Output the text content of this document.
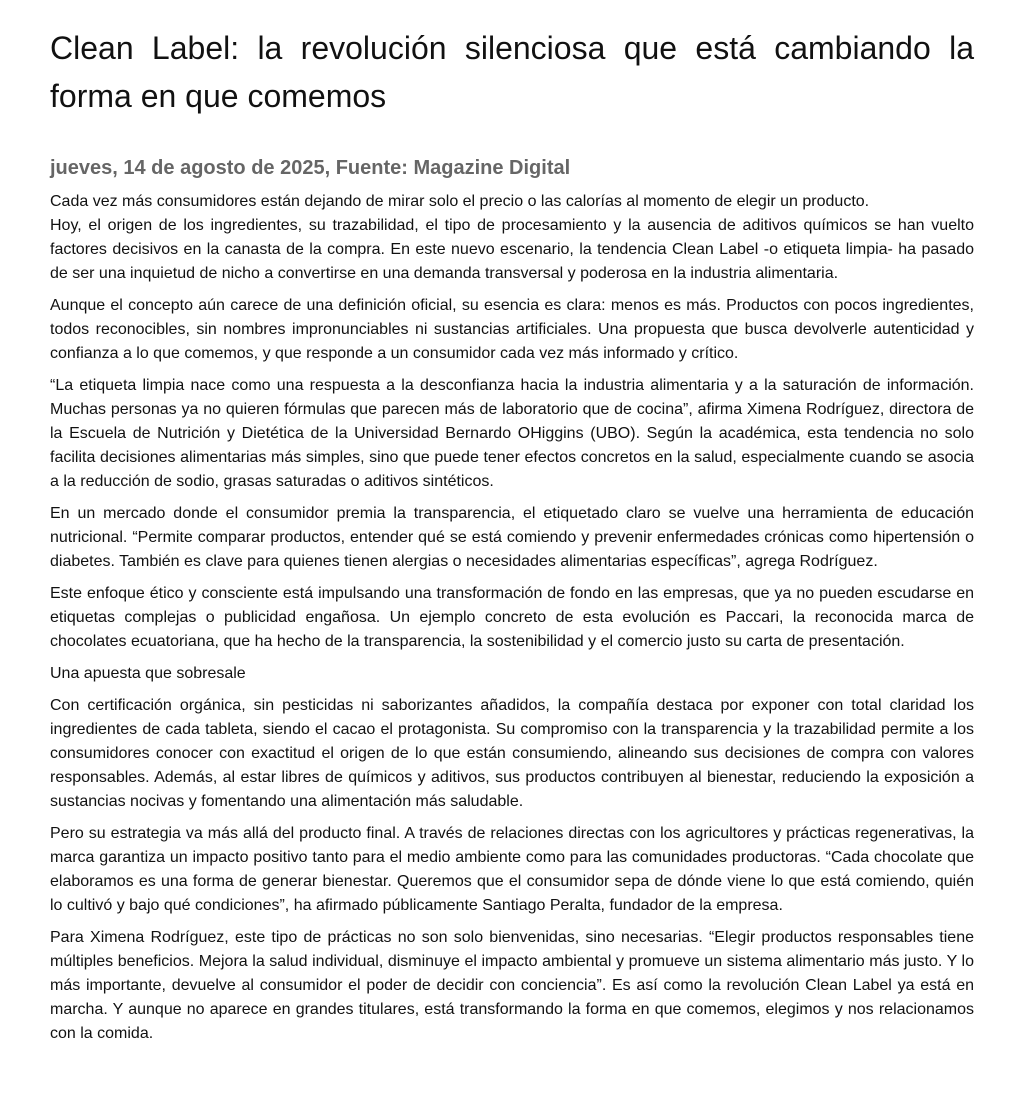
Clean Label: la revolución silenciosa que está cambiando la forma en que comemos
jueves, 14 de agosto de 2025, Fuente: Magazine Digital

Cada vez más consumidores están dejando de mirar solo el precio o las calorías al momento de elegir un producto.
Hoy, el origen de los ingredientes, su trazabilidad, el tipo de procesamiento y la ausencia de aditivos químicos se han vuelto factores decisivos en la canasta de la compra. En este nuevo escenario, la tendencia Clean Label -o etiqueta limpia- ha pasado de ser una inquietud de nicho a convertirse en una demanda transversal y poderosa en la industria alimentaria.

Aunque el concepto aún carece de una definición oficial, su esencia es clara: menos es más. Productos con pocos ingredientes, todos reconocibles, sin nombres impronunciables ni sustancias artificiales. Una propuesta que busca devolverle autenticidad y confianza a lo que comemos, y que responde a un consumidor cada vez más informado y crítico.

“La etiqueta limpia nace como una respuesta a la desconfianza hacia la industria alimentaria y a la saturación de información. Muchas personas ya no quieren fórmulas que parecen más de laboratorio que de cocina”, afirma Ximena Rodríguez, directora de la Escuela de Nutrición y Dietética de la Universidad Bernardo OHiggins (UBO). Según la académica, esta tendencia no solo facilita decisiones alimentarias más simples, sino que puede tener efectos concretos en la salud, especialmente cuando se asocia a la reducción de sodio, grasas saturadas o aditivos sintéticos.

En un mercado donde el consumidor premia la transparencia, el etiquetado claro se vuelve una herramienta de educación nutricional. “Permite comparar productos, entender qué se está comiendo y prevenir enfermedades crónicas como hipertensión o diabetes. También es clave para quienes tienen alergias o necesidades alimentarias específicas”, agrega Rodríguez.

Este enfoque ético y consciente está impulsando una transformación de fondo en las empresas, que ya no pueden escudarse en etiquetas complejas o publicidad engañosa. Un ejemplo concreto de esta evolución es Paccari, la reconocida marca de chocolates ecuatoriana, que ha hecho de la transparencia, la sostenibilidad y el comercio justo su carta de presentación.

Una apuesta que sobresale

Con certificación orgánica, sin pesticidas ni saborizantes añadidos, la compañía destaca por exponer con total claridad los ingredientes de cada tableta, siendo el cacao el protagonista. Su compromiso con la transparencia y la trazabilidad permite a los consumidores conocer con exactitud el origen de lo que están consumiendo, alineando sus decisiones de compra con valores responsables. Además, al estar libres de químicos y aditivos, sus productos contribuyen al bienestar, reduciendo la exposición a sustancias nocivas y fomentando una alimentación más saludable.

Pero su estrategia va más allá del producto final. A través de relaciones directas con los agricultores y prácticas regenerativas, la marca garantiza un impacto positivo tanto para el medio ambiente como para las comunidades productoras. “Cada chocolate que elaboramos es una forma de generar bienestar. Queremos que el consumidor sepa de dónde viene lo que está comiendo, quién lo cultivó y bajo qué condiciones”, ha afirmado públicamente Santiago Peralta, fundador de la empresa.

Para Ximena Rodríguez, este tipo de prácticas no son solo bienvenidas, sino necesarias. “Elegir productos responsables tiene múltiples beneficios. Mejora la salud individual, disminuye el impacto ambiental y promueve un sistema alimentario más justo. Y lo más importante, devuelve al consumidor el poder de decidir con conciencia”. Es así como la revolución Clean Label ya está en marcha. Y aunque no aparece en grandes titulares, está transformando la forma en que comemos, elegimos y nos relacionamos con la comida.
